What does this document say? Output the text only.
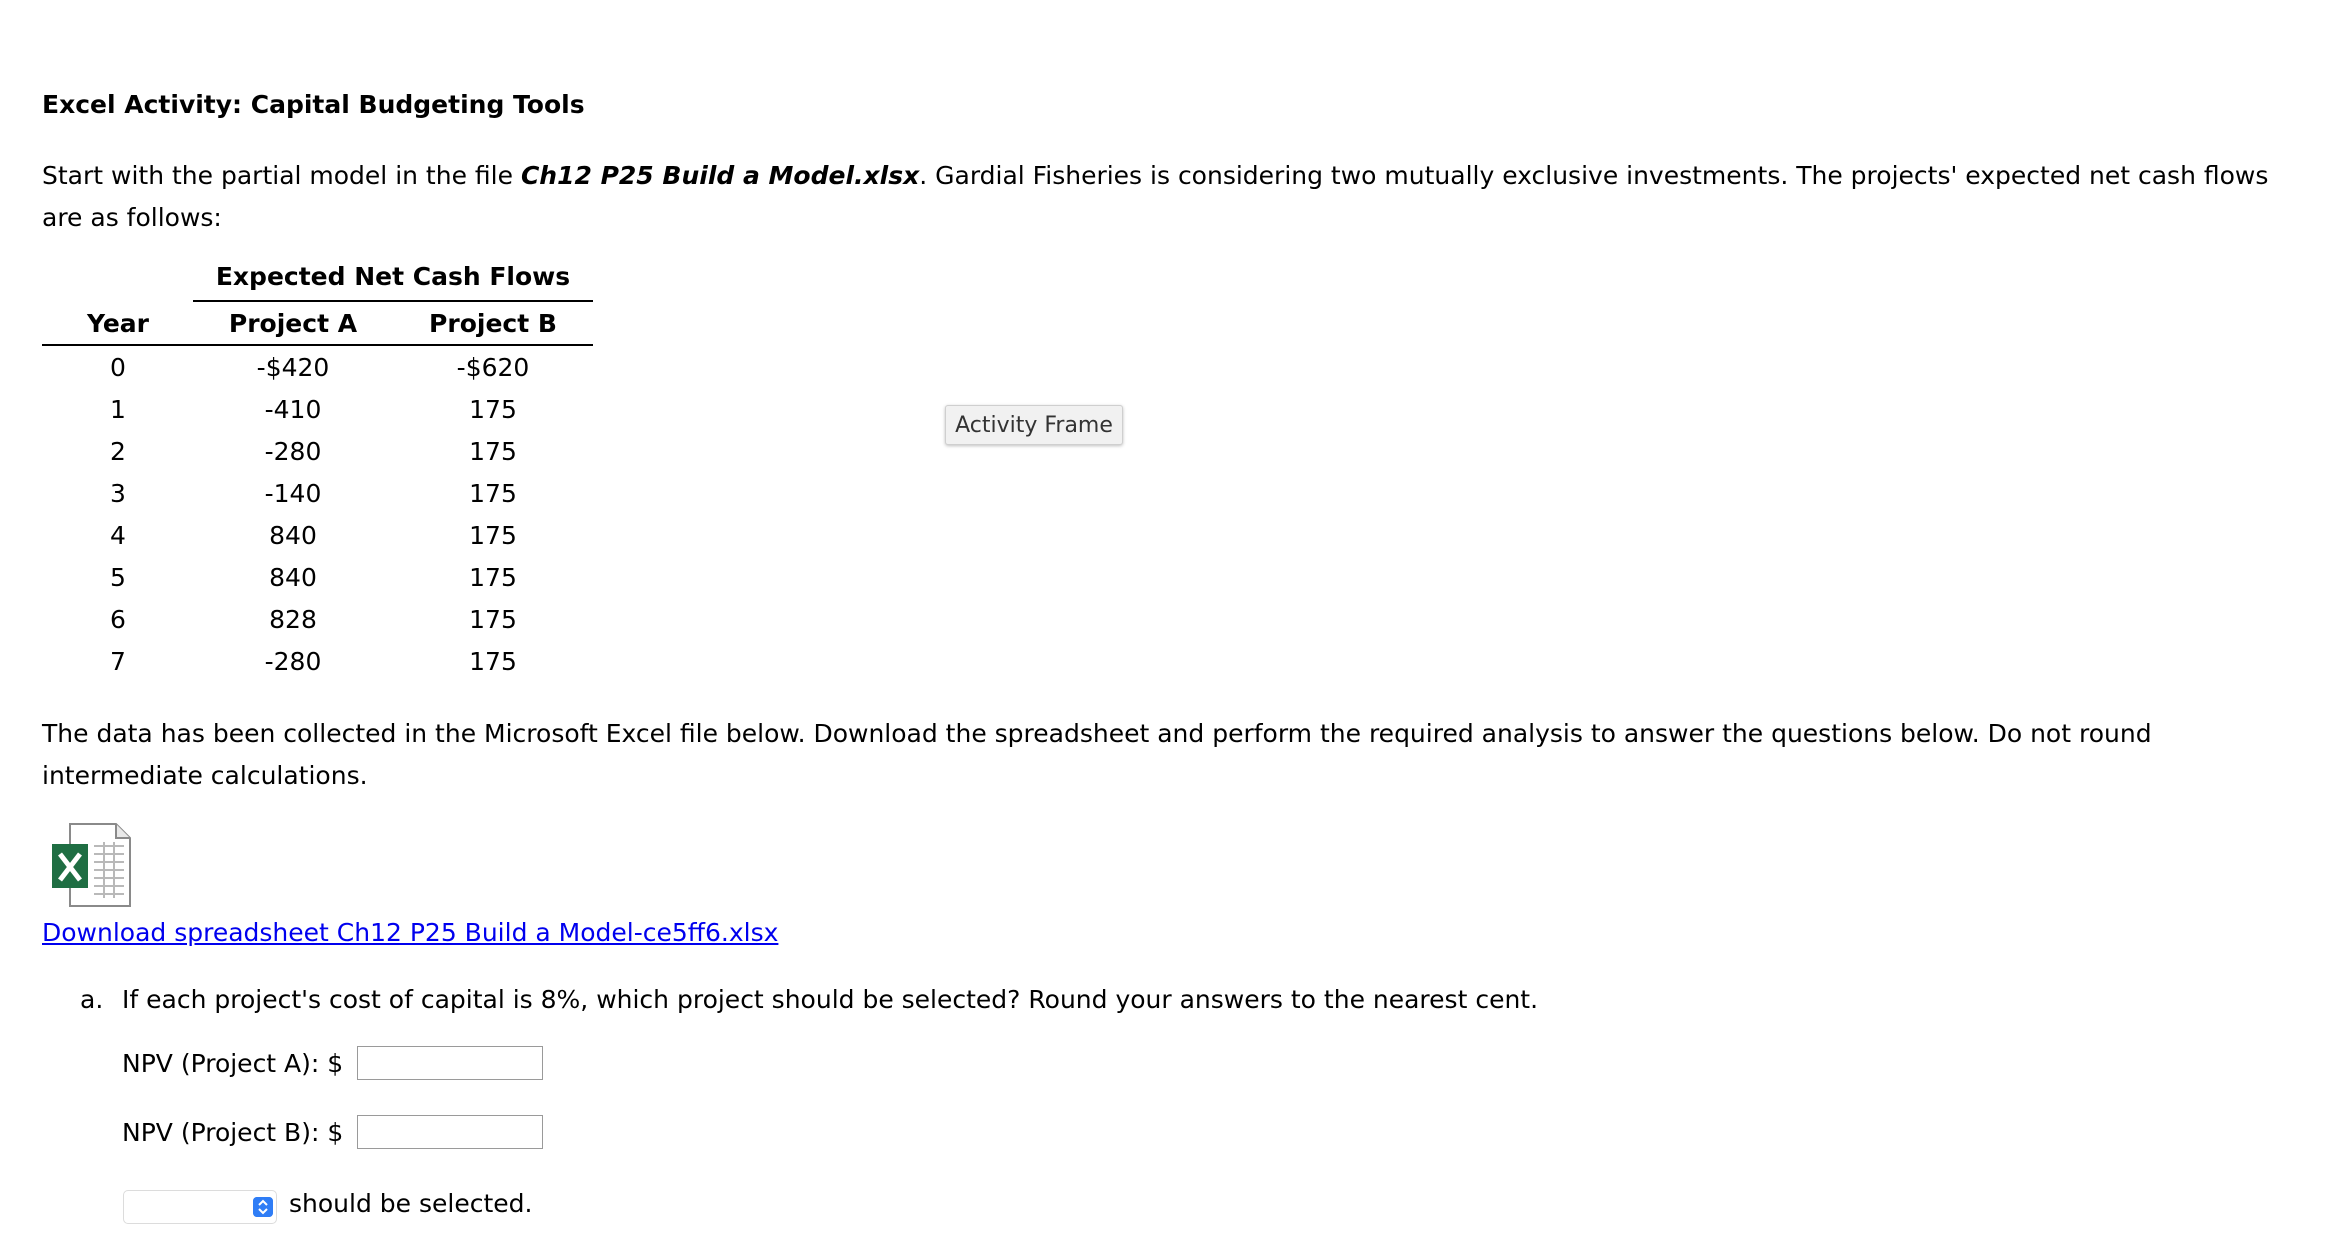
Excel Activity: Capital Budgeting Tools
Start with the partial model in the file Ch12 P25 Build a Model.xlsx. Gardial Fisheries is considering two mutually exclusive investments. The projects' expected net cash flows are as follows:
Expected Net Cash Flows
Year	Project A	Project B
0	-$420	-$620
1	-410	175
2	-280	175
3	-140	175
4	840	175
5	840	175
6	828	175
7	-280	175
Activity Frame
The data has been collected in the Microsoft Excel file below. Download the spreadsheet and perform the required analysis to answer the questions below. Do not round intermediate calculations.
Download spreadsheet Ch12 P25 Build a Model-ce5ff6.xlsx
a. If each project's cost of capital is 8%, which project should be selected? Round your answers to the nearest cent.
NPV (Project A): $
NPV (Project B): $
should be selected.
